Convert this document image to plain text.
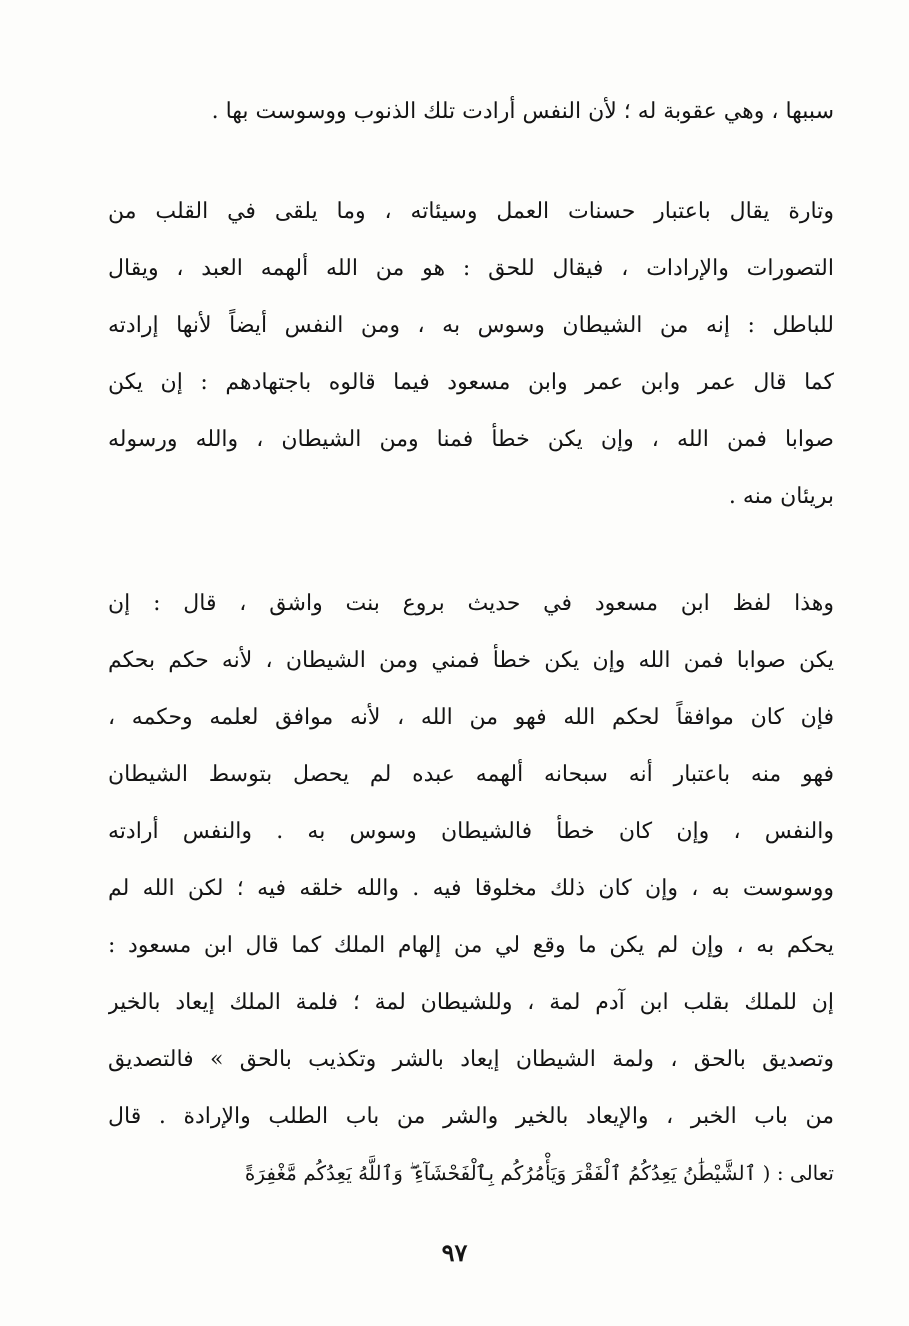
سببها ، وهي عقوبة له ؛ لأن النفس أرادت تلك الذنوب ووسوست بها .
وتارة يقال باعتبار حسنات العمل وسيئاته ، وما يلقى في القلب من
التصورات والإرادات ، فيقال للحق : هو من الله ألهمه العبد ، ويقال
للباطل : إنه من الشيطان وسوس به ، ومن النفس أيضاً لأنها إرادته
كما قال عمر وابن عمر وابن مسعود فيما قالوه باجتهادهم : إن يكن
صوابا فمن الله ، وإن يكن خطأ فمنا ومن الشيطان ، والله ورسوله
بريئان منه .
وهذا لفظ ابن مسعود في حديث بروع بنت واشق ، قال : إن
يكن صوابا فمن الله وإن يكن خطأ فمني ومن الشيطان ، لأنه حكم بحكم
فإن كان موافقاً لحكم الله فهو من الله ، لأنه موافق لعلمه وحكمه ،
فهو منه باعتبار أنه سبحانه ألهمه عبده لم يحصل بتوسط الشيطان
والنفس ، وإن كان خطأ فالشيطان وسوس به . والنفس أرادته
ووسوست به ، وإن كان ذلك مخلوقا فيه . والله خلقه فيه ؛ لكن الله لم
يحكم به ، وإن لم يكن ما وقع لي من إلهام الملك كما قال ابن مسعود :
إن للملك بقلب ابن آدم لمة ، وللشيطان لمة ؛ فلمة الملك إيعاد بالخير
وتصديق بالحق ، ولمة الشيطان إيعاد بالشر وتكذيب بالحق » فالتصديق
من باب الخبر ، والإيعاد بالخير والشر من باب الطلب والإرادة . قال
تعالى : ( ٱلشَّيْطَٰنُ يَعِدُكُمُ ٱلْفَقْرَ وَيَأْمُرُكُم بِٱلْفَحْشَآءِ ۖ وَٱللَّهُ يَعِدُكُم مَّغْفِرَةً
٩٧
